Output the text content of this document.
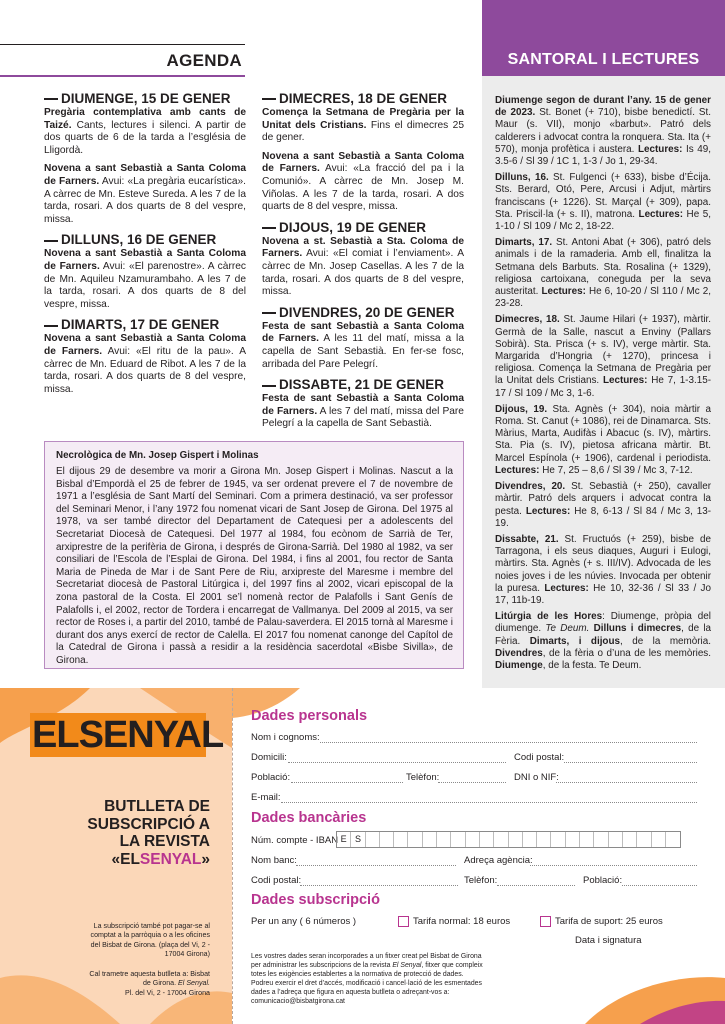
SANTORAL I LECTURES
AGENDA
DIUMENGE, 15 DE GENER
Pregària contemplativa amb cants de Taizé. Cants, lectures i silenci. A partir de dos quarts de 6 de la tarda a l’església de Lligordà.
Novena a sant Sebastià a Santa Coloma de Farners. Avui: «La pregària eucarística». A càrrec de Mn. Esteve Sureda. A les 7 de la tarda, rosari. A dos quarts de 8 del vespre, missa.
DILLUNS, 16 DE GENER
Novena a sant Sebastià a Santa Coloma de Farners. Avui: «El parenostre». A càrrec de Mn. Aquileu Nzamurambaho. A les 7 de la tarda, rosari. A dos quarts de 8 del vespre, missa.
DIMARTS, 17 DE GENER
Novena a sant Sebastià a Santa Coloma de Farners. Avui: «El ritu de la pau». A càrrec de Mn. Eduard de Ribot. A les 7 de la tarda, rosari. A dos quarts de 8 del vespre, missa.
DIMECRES, 18 DE GENER
Comença la Setmana de Pregària per la Unitat dels Cristians. Fins el dimecres 25 de gener.
Novena a sant Sebastià a Santa Coloma de Farners. Avui: «La fracció del pa i la Comunió». A càrrec de Mn. Josep M. Viñolas. A les 7 de la tarda, rosari. A dos quarts de 8 del vespre, missa.
DIJOUS, 19 DE GENER
Novena a st. Sebastià a Sta. Coloma de Farners. Avui: «El comiat i l’enviament». A càrrec de Mn. Josep Casellas. A les 7 de la tarda, rosari. A dos quarts de 8 del vespre, missa.
DIVENDRES, 20 DE GENER
Festa de sant Sebastià a Santa Coloma de Farners. A les 11 del matí, missa a la capella de Sant Sebastià. En fer-se fosc, arribada del Pare Pelegrí.
DISSABTE, 21 DE GENER
Festa de sant Sebastià a Santa Coloma de Farners. A les 7 del matí, missa del Pare Pelegrí a la capella de Sant Sebastià.
Necrològica de Mn. Josep Gispert i Molinas
El dijous 29 de desembre va morir a Girona Mn. Josep Gispert i Molinas. Nascut a la Bisbal d’Empordà el 25 de febrer de 1945, va ser ordenat prevere el 7 de novembre de 1971 a l’església de Sant Martí del Seminari. Com a primera destinació, va ser professor del Seminari Menor, i l’any 1972 fou nomenat vicari de Sant Josep de Girona. Del 1975 al 1978, va ser també director del Departament de Catequesi per a adolescents del Secretariat Diocesà de Catequesi. Del 1977 al 1984, fou ecònom de Sarrià de Ter, arxiprestre de la perifèria de Girona, i després de Girona-Sarrià. Del 1980 al 1982, va ser consiliari de l’Escola de l’Esplai de Girona. Del 1984, i fins al 2001, fou rector de Santa Maria de Pineda de Mar i de Sant Pere de Riu, arxipreste del Maresme i membre del Secretariat diocesà de Pastoral Litúrgica i, del 1997 fins al 2002, vicari episcopal de la zona pastoral de la Costa. El 2001 se’l nomenà rector de Palafolls i Sant Genís de Palafolls i, el 2002, rector de Tordera i encarregat de Vallmanya. Del 2009 al 2015, va ser rector de Roses i, a partir del 2010, també de Palau-saverdera. El 2015 tornà al Maresme i durant dos anys exercí de rector de Calella. El 2017 fou nomenat canonge del Capítol de la Catedral de Girona i passà a residir a la residència sacerdotal «Bisbe Sivilla», de Girona.

Diumenge segon de durant l’any. 15 de gener de 2023. St. Bonet (+ 710), bisbe benedictí. St. Maur (s. VII), monjo «barbut». Patró dels calderers i advocat contra la ronquera. Sta. Ita (+ 570), monja profètica i austera. Lectures: Is 49, 3.5-6 / Sl 39 / 1C 1, 1-3 / Jo 1, 29-34.

Dilluns, 16. St. Fulgenci (+ 633), bisbe d’Écija. Sts. Berard, Otó, Pere, Arcusi i Adjut, màrtirs franciscans (+ 1226). St. Marçal (+ 309), papa. Sta. Priscil·la (+ s. II), matrona. Lectures: He 5, 1-10 / Sl 109 / Mc 2, 18-22.

Dimarts, 17. St. Antoni Abat (+ 306), patró dels animals i de la ramaderia. Amb ell, finalitza la Setmana dels Barbuts. Sta. Rosalina (+ 1329), religiosa cartoixana, coneguda per la seva austeritat. Lectures: He 6, 10-20 / Sl 110 / Mc 2, 23-28.

Dimecres, 18. St. Jaume Hilari (+ 1937), màrtir. Germà de la Salle, nascut a Enviny (Pallars Sobirà). Sta. Prisca (+ s. IV), verge màrtir. Sta. Margarida d’Hongria (+ 1270), princesa i religiosa. Comença la Setmana de Pregària per la Unitat dels Cristians. Lectures: He 7, 1-3.15-17 / Sl 109 / Mc 3, 1-6.

Dijous, 19. Sta. Agnès (+ 304), noia màrtir a Roma. St. Canut (+ 1086), rei de Dinamarca. Sts. Màrius, Marta, Audifàs i Abacuc (s. IV), màrtirs. Sta. Pia (s. IV), pietosa africana màrtir. Bt. Marcel Espínola (+ 1906), cardenal i periodista. Lectures: He 7, 25 – 8,6 / Sl 39 / Mc 3, 7-12.

Divendres, 20. St. Sebastià (+ 250), cavaller màrtir. Patró dels arquers i advocat contra la pesta. Lectures: He 8, 6-13 / Sl 84 / Mc 3, 13-19.

Dissabte, 21. St. Fructuós (+ 259), bisbe de Tarragona, i els seus diaques, Auguri i Eulogi, màrtirs. Sta. Agnès (+ s. III/IV). Advocada de les noies joves i de les núvies. Invocada per obtenir la puresa. Lectures: He 10, 32-36 / Sl 33 / Jo 17, 11b-19.

Litúrgia de les Hores: Diumenge, pròpia del diumenge. Te Deum. Dilluns i dimecres, de la Fèria. Dimarts, i dijous, de la memòria. Divendres, de la fèria o d’una de les memòries. Diumenge, de la festa. Te Deum.

ELSENYAL
BUTLLETA DE
SUBSCRIPCIÓ A
LA REVISTA
«ELSENYAL»
La subscripció també pot pagar-se al comptat a la parròquia o a les oficines del Bisbat de Girona. (plaça del Vi, 2 - 17004 Girona)
Cal trametre aquesta butlleta a: Bisbat de Girona. El Senyal.
Pl. del Vi, 2 - 17004 Girona
Dades personals
Nom i cognoms:
Domicili:	Codi postal:
Població:	Telèfon:	DNI o NIF:
E-mail:
Dades bancàries
Núm. compte - IBAN E S
Nom banc:	Adreça agència:
Codi postal:	Telèfon:	Població:
Dades subscripció
Per un any ( 6 números )	Tarifa normal: 18 euros	Tarifa de suport: 25 euros
Data i signatura
Les vostres dades seran incorporades a un fitxer creat pel Bisbat de Girona per administrar les subscripcions de la revista El Senyal, fitxer que compleix totes les exigències establertes a la normativa de protecció de dades. Podreu exercir el dret d’accés, modificació i cancel·lació de les esmentades dades a l’adreça que figura en aquesta butlleta o adreçant-vos a: comunicacio@bisbatgirona.cat
